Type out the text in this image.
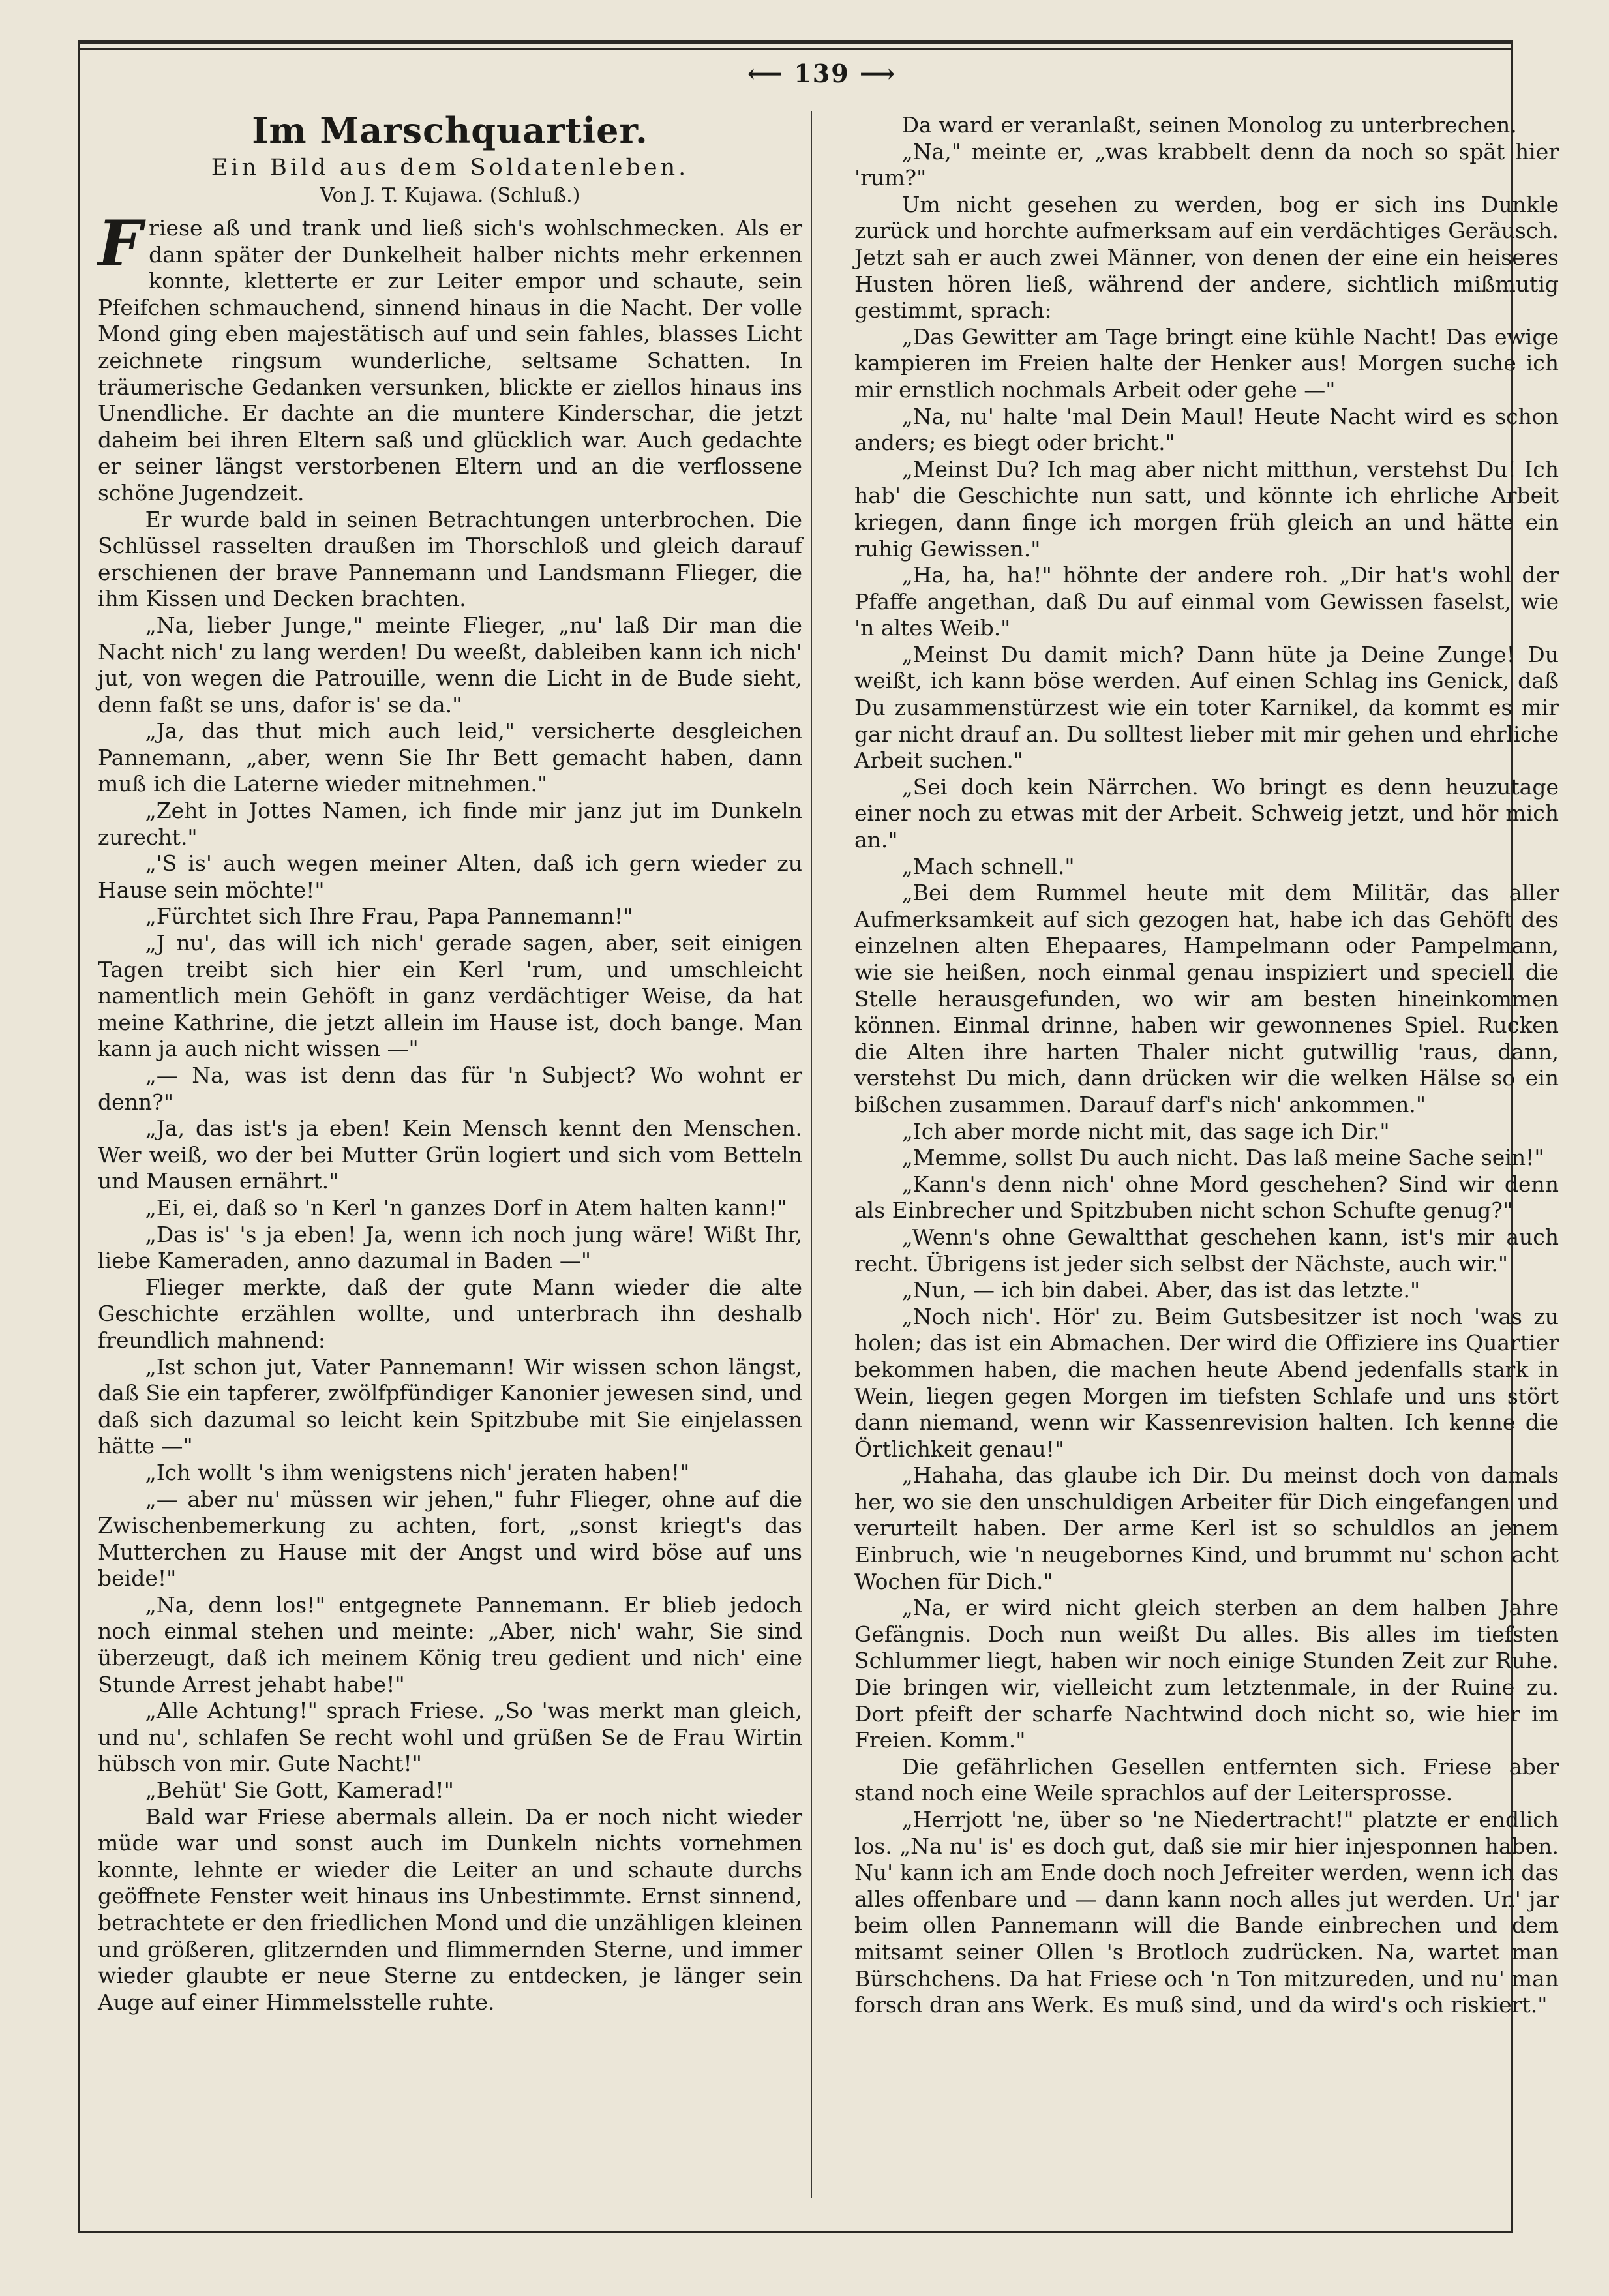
⟵ 139 ⟶
Im Marschquartier.
Ein Bild aus dem Soldatenleben.
Von J. T. Kujawa. (Schluß.)

Friese aß und trank und ließ sich's wohlschmecken. Als er dann später der Dunkelheit halber nichts mehr erkennen konnte, kletterte er zur Leiter empor und schaute, sein Pfeifchen schmauchend, sinnend hinaus in die Nacht. Der volle Mond ging eben majestätisch auf und sein fahles, blasses Licht zeichnete ringsum wunderliche, seltsame Schatten. In träumerische Gedanken versunken, blickte er ziellos hinaus ins Unendliche. Er dachte an die muntere Kinderschar, die jetzt daheim bei ihren Eltern saß und glücklich war. Auch gedachte er seiner längst verstorbenen Eltern und an die verflossene schöne Jugendzeit.

Er wurde bald in seinen Betrachtungen unterbrochen. Die Schlüssel rasselten draußen im Thorschloß und gleich darauf erschienen der brave Pannemann und Landsmann Flieger, die ihm Kissen und Decken brachten.

„Na, lieber Junge," meinte Flieger, „nu' laß Dir man die Nacht nich' zu lang werden! Du weeßt, dableiben kann ich nich' jut, von wegen die Patrouille, wenn die Licht in de Bude sieht, denn faßt se uns, dafor is' se da."

„Ja, das thut mich auch leid," versicherte desgleichen Pannemann, „aber, wenn Sie Ihr Bett gemacht haben, dann muß ich die Laterne wieder mitnehmen."

„Zeht in Jottes Namen, ich finde mir janz jut im Dunkeln zurecht."

„'S is' auch wegen meiner Alten, daß ich gern wieder zu Hause sein möchte!"

„Fürchtet sich Ihre Frau, Papa Pannemann!"

„J nu', das will ich nich' gerade sagen, aber, seit einigen Tagen treibt sich hier ein Kerl 'rum, und umschleicht namentlich mein Gehöft in ganz verdächtiger Weise, da hat meine Kathrine, die jetzt allein im Hause ist, doch bange. Man kann ja auch nicht wissen —"

„— Na, was ist denn das für 'n Subject? Wo wohnt er denn?"

„Ja, das ist's ja eben! Kein Mensch kennt den Menschen. Wer weiß, wo der bei Mutter Grün logiert und sich vom Betteln und Mausen ernährt."

„Ei, ei, daß so 'n Kerl 'n ganzes Dorf in Atem halten kann!"

„Das is' 's ja eben! Ja, wenn ich noch jung wäre! Wißt Ihr, liebe Kameraden, anno dazumal in Baden —"

Flieger merkte, daß der gute Mann wieder die alte Geschichte erzählen wollte, und unterbrach ihn deshalb freundlich mahnend:

„Ist schon jut, Vater Pannemann! Wir wissen schon längst, daß Sie ein tapferer, zwölfpfündiger Kanonier jewesen sind, und daß sich dazumal so leicht kein Spitzbube mit Sie einjelassen hätte —"

„Ich wollt 's ihm wenigstens nich' jeraten haben!"

„— aber nu' müssen wir jehen," fuhr Flieger, ohne auf die Zwischenbemerkung zu achten, fort, „sonst kriegt's das Mutterchen zu Hause mit der Angst und wird böse auf uns beide!"

„Na, denn los!" entgegnete Pannemann. Er blieb jedoch noch einmal stehen und meinte: „Aber, nich' wahr, Sie sind überzeugt, daß ich meinem König treu gedient und nich' eine Stunde Arrest jehabt habe!"

„Alle Achtung!" sprach Friese. „So 'was merkt man gleich, und nu', schlafen Se recht wohl und grüßen Se de Frau Wirtin hübsch von mir. Gute Nacht!"

„Behüt' Sie Gott, Kamerad!"

Bald war Friese abermals allein. Da er noch nicht wieder müde war und sonst auch im Dunkeln nichts vornehmen konnte, lehnte er wieder die Leiter an und schaute durchs geöffnete Fenster weit hinaus ins Unbestimmte. Ernst sinnend, betrachtete er den friedlichen Mond und die unzähligen kleinen und größeren, glitzernden und flimmernden Sterne, und immer wieder glaubte er neue Sterne zu entdecken, je länger sein Auge auf einer Himmelsstelle ruhte.

Da ward er veranlaßt, seinen Monolog zu unterbrechen.

„Na," meinte er, „was krabbelt denn da noch so spät hier 'rum?"

Um nicht gesehen zu werden, bog er sich ins Dunkle zurück und horchte aufmerksam auf ein verdächtiges Geräusch. Jetzt sah er auch zwei Männer, von denen der eine ein heiseres Husten hören ließ, während der andere, sichtlich mißmutig gestimmt, sprach:

„Das Gewitter am Tage bringt eine kühle Nacht! Das ewige kampieren im Freien halte der Henker aus! Morgen suche ich mir ernstlich nochmals Arbeit oder gehe —"

„Na, nu' halte 'mal Dein Maul! Heute Nacht wird es schon anders; es biegt oder bricht."

„Meinst Du? Ich mag aber nicht mitthun, verstehst Du! Ich hab' die Geschichte nun satt, und könnte ich ehrliche Arbeit kriegen, dann finge ich morgen früh gleich an und hätte ein ruhig Gewissen."

„Ha, ha, ha!" höhnte der andere roh. „Dir hat's wohl der Pfaffe angethan, daß Du auf einmal vom Gewissen faselst, wie 'n altes Weib."

„Meinst Du damit mich? Dann hüte ja Deine Zunge! Du weißt, ich kann böse werden. Auf einen Schlag ins Genick, daß Du zusammenstürzest wie ein toter Karnikel, da kommt es mir gar nicht drauf an. Du solltest lieber mit mir gehen und ehrliche Arbeit suchen."

„Sei doch kein Närrchen. Wo bringt es denn heuzutage einer noch zu etwas mit der Arbeit. Schweig jetzt, und hör mich an."

„Mach schnell."

„Bei dem Rummel heute mit dem Militär, das aller Aufmerksamkeit auf sich gezogen hat, habe ich das Gehöft des einzelnen alten Ehepaares, Hampelmann oder Pampelmann, wie sie heißen, noch einmal genau inspiziert und speciell die Stelle herausgefunden, wo wir am besten hineinkommen können. Einmal drinne, haben wir gewonnenes Spiel. Rucken die Alten ihre harten Thaler nicht gutwillig 'raus, dann, verstehst Du mich, dann drücken wir die welken Hälse so ein bißchen zusammen. Darauf darf's nich' ankommen."

„Ich aber morde nicht mit, das sage ich Dir."

„Memme, sollst Du auch nicht. Das laß meine Sache sein!"

„Kann's denn nich' ohne Mord geschehen? Sind wir denn als Einbrecher und Spitzbuben nicht schon Schufte genug?"

„Wenn's ohne Gewaltthat geschehen kann, ist's mir auch recht. Übrigens ist jeder sich selbst der Nächste, auch wir."

„Nun, — ich bin dabei. Aber, das ist das letzte."

„Noch nich'. Hör' zu. Beim Gutsbesitzer ist noch 'was zu holen; das ist ein Abmachen. Der wird die Offiziere ins Quartier bekommen haben, die machen heute Abend jedenfalls stark in Wein, liegen gegen Morgen im tiefsten Schlafe und uns stört dann niemand, wenn wir Kassenrevision halten. Ich kenne die Örtlichkeit genau!"

„Hahaha, das glaube ich Dir. Du meinst doch von damals her, wo sie den unschuldigen Arbeiter für Dich eingefangen und verurteilt haben. Der arme Kerl ist so schuldlos an jenem Einbruch, wie 'n neugebornes Kind, und brummt nu' schon acht Wochen für Dich."

„Na, er wird nicht gleich sterben an dem halben Jahre Gefängnis. Doch nun weißt Du alles. Bis alles im tiefsten Schlummer liegt, haben wir noch einige Stunden Zeit zur Ruhe. Die bringen wir, vielleicht zum letztenmale, in der Ruine zu. Dort pfeift der scharfe Nachtwind doch nicht so, wie hier im Freien. Komm."

Die gefährlichen Gesellen entfernten sich. Friese aber stand noch eine Weile sprachlos auf der Leitersprosse.

„Herrjott 'ne, über so 'ne Niedertracht!" platzte er endlich los. „Na nu' is' es doch gut, daß sie mir hier injesponnen haben. Nu' kann ich am Ende doch noch Jefreiter werden, wenn ich das alles offenbare und — dann kann noch alles jut werden. Un' jar beim ollen Pannemann will die Bande einbrechen und dem mitsamt seiner Ollen 's Brotloch zudrücken. Na, wartet man Bürschchens. Da hat Friese och 'n Ton mitzureden, und nu' man forsch dran ans Werk. Es muß sind, und da wird's och riskiert."
